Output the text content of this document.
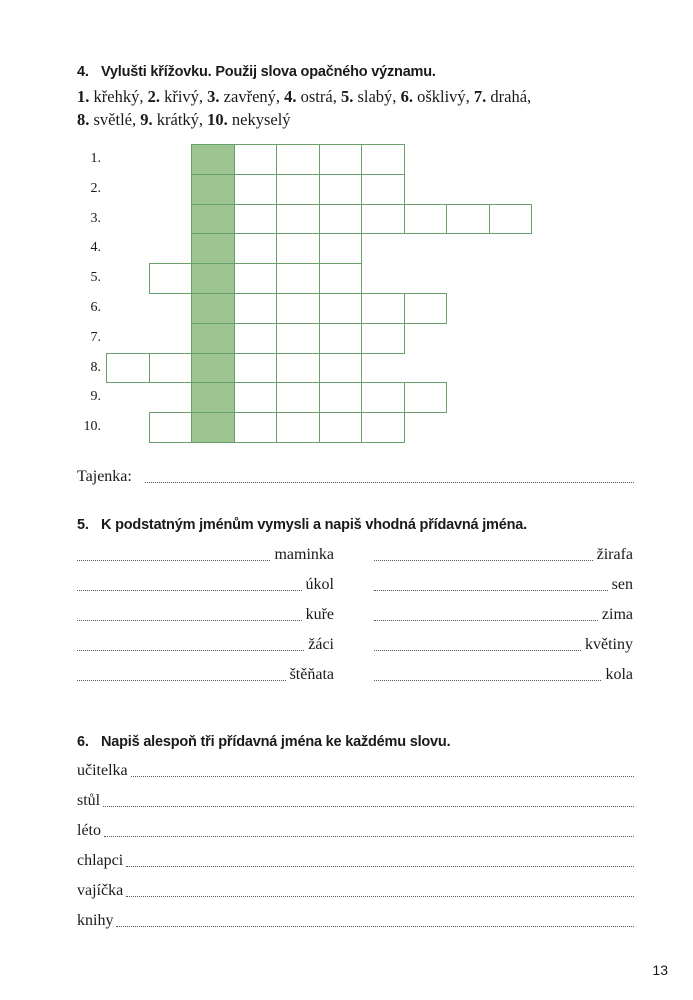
4. Vylušti křížovku. Použij slova opačného významu.
1. křehký, 2. křivý, 3. zavřený, 4. ostrá, 5. slabý, 6. ošklivý, 7. drahá,
8. světlé, 9. krátký, 10. nekyselý
1.
2.
3.
4.
5.
6.
7.
8.
9.
10.
Tajenka:
5. K podstatným jménům vymysli a napiš vhodná přídavná jména.
maminka
úkol
kuře
žáci
štěňata
žirafa
sen
zima
květiny
kola
6. Napiš alespoň tři přídavná jména ke každému slovu.
učitelka
stůl
léto
chlapci
vajíčka
knihy
13
